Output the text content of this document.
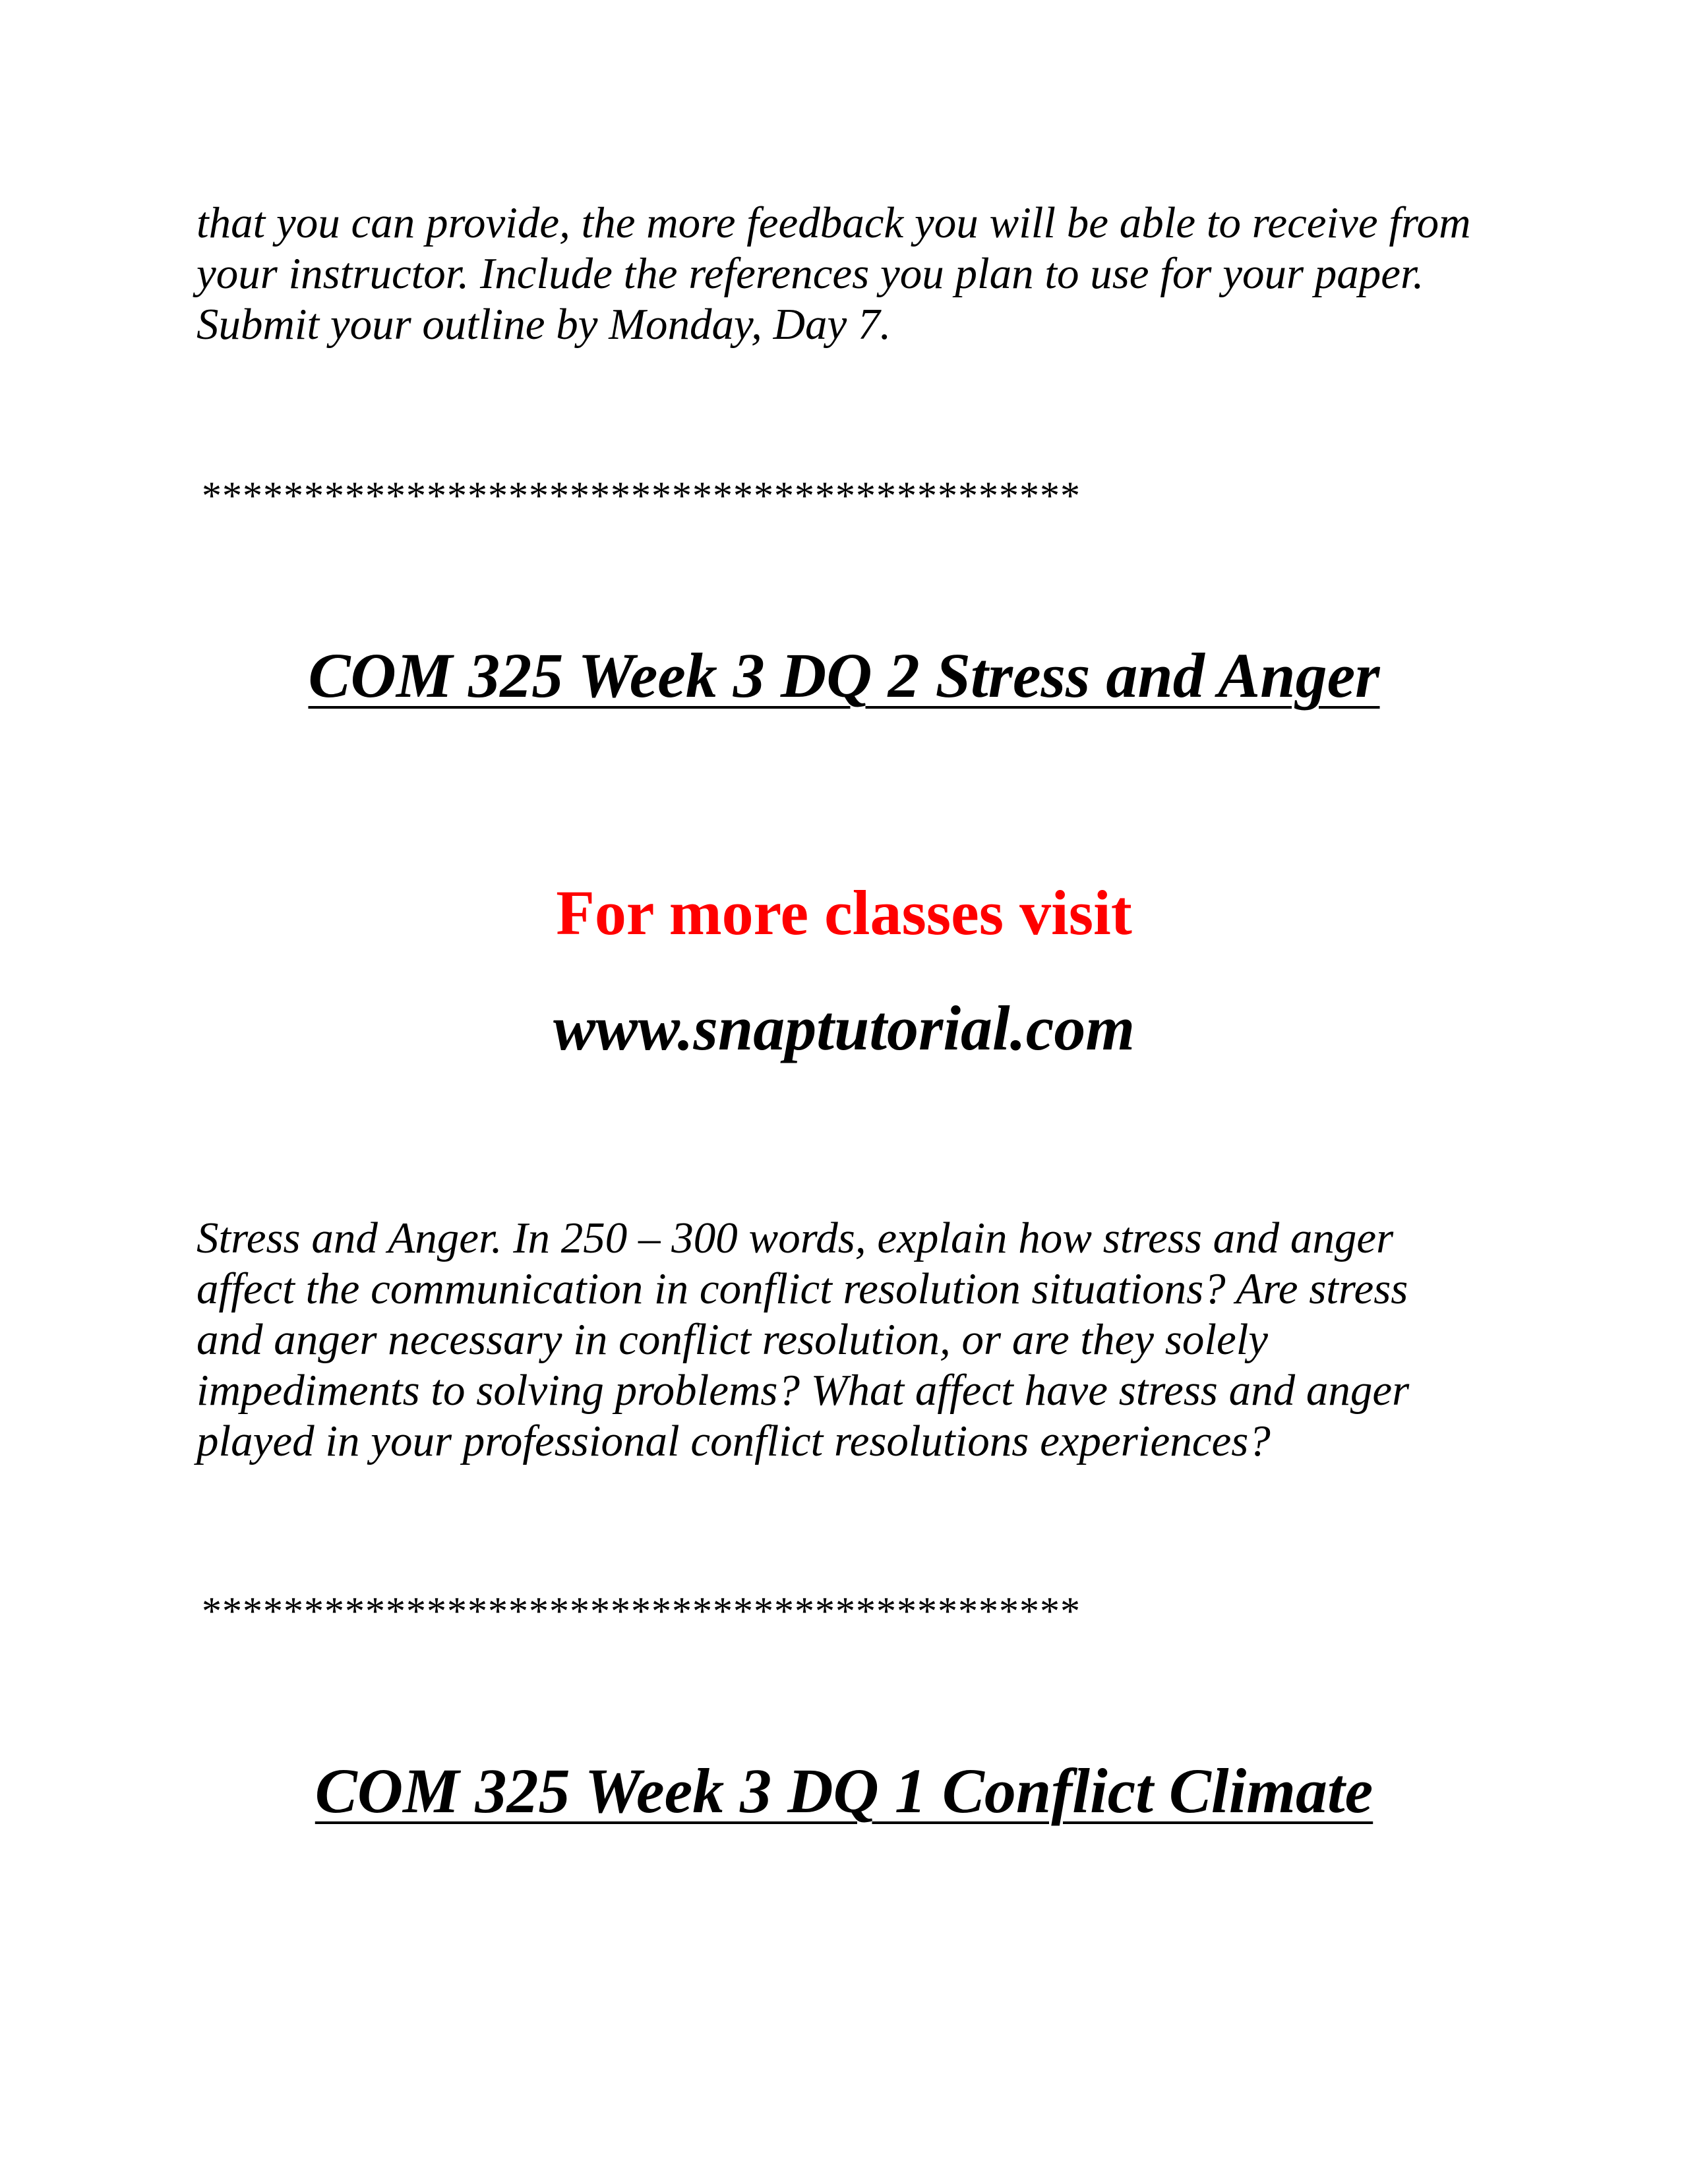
that you can provide, the more feedback you will be able to receive from
your instructor. Include the references you plan to use for your paper.
Submit your outline by Monday, Day 7.

*******************************************

COM 325 Week 3 DQ 2 Stress and Anger

For more classes visit

www.snaptutorial.com

Stress and Anger. In 250 – 300 words, explain how stress and anger
affect the communication in conflict resolution situations? Are stress
and anger necessary in conflict resolution, or are they solely
impediments to solving problems? What affect have stress and anger
played in your professional conflict resolutions experiences?

*******************************************

COM 325 Week 3 DQ 1 Conflict Climate
